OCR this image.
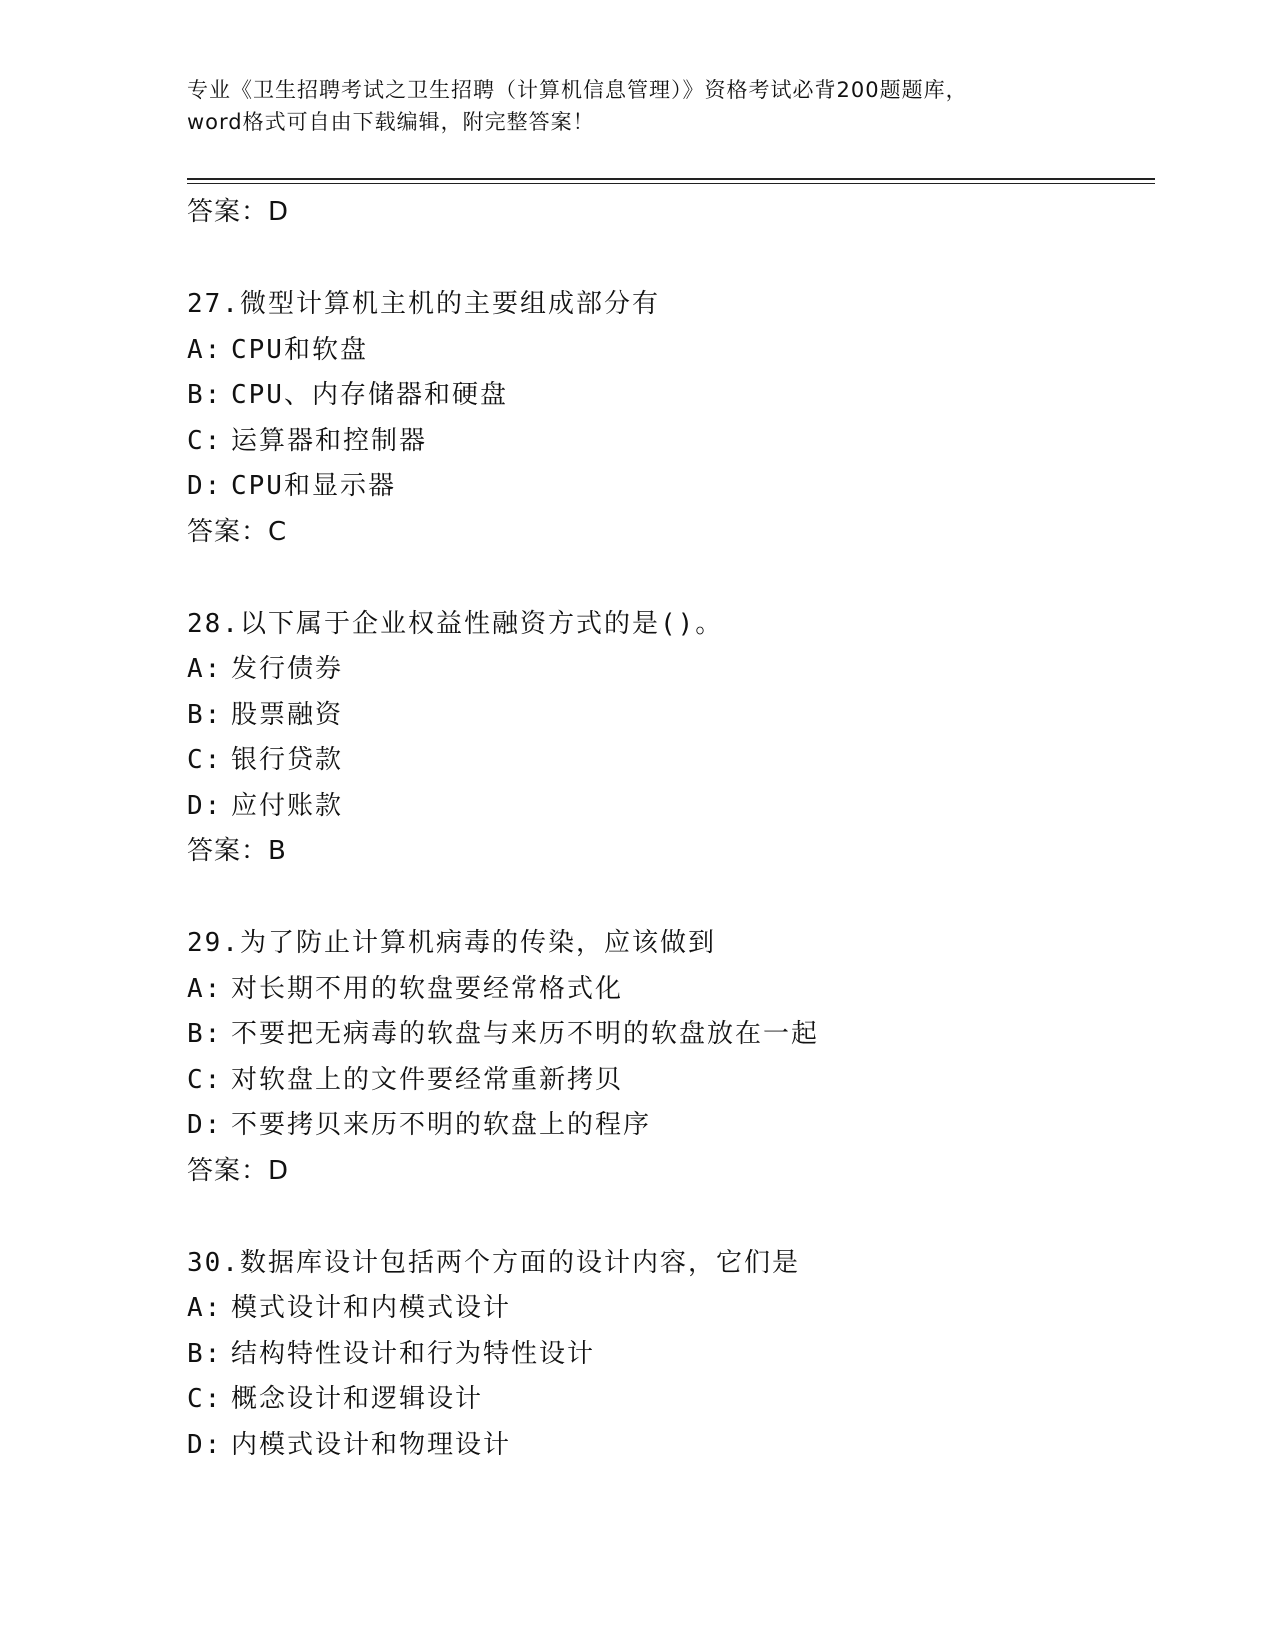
专业《卫生招聘考试之卫生招聘（计算机信息管理）》资格考试必背200题题库，
word格式可自由下载编辑，附完整答案！
答案：D
27.微型计算机主机的主要组成部分有
A: CPU和软盘
B: CPU、内存储器和硬盘
C: 运算器和控制器
D: CPU和显示器
答案：C
28.以下属于企业权益性融资方式的是()。
A: 发行债券
B: 股票融资
C: 银行贷款
D: 应付账款
答案：B
29.为了防止计算机病毒的传染，应该做到
A: 对长期不用的软盘要经常格式化
B: 不要把无病毒的软盘与来历不明的软盘放在一起
C: 对软盘上的文件要经常重新拷贝
D: 不要拷贝来历不明的软盘上的程序
答案：D
30.数据库设计包括两个方面的设计内容，它们是
A: 模式设计和内模式设计
B: 结构特性设计和行为特性设计
C: 概念设计和逻辑设计
D: 内模式设计和物理设计
